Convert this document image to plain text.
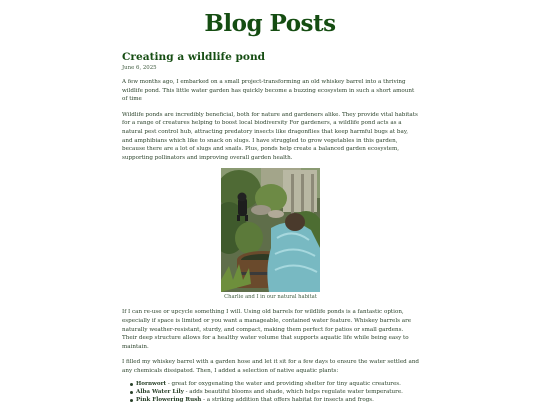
Blog Posts
Creating a wildlife pond
June 6, 2025

A few months ago, I embarked on a small project-transforming an old whiskey barrel into a thriving wildlife pond. This little water garden has quickly become a buzzing ecosystem in such a short amount of time

Wildlife ponds are incredibly beneficial, both for nature and gardeners alike. They provide vital habitats for a range of creatures helping to boost local biodiversity For gardeners, a wildlife pond acts as a natural pest control hub, attracting predatory insects like dragonflies that keep harmful bugs at bay, and amphibians which like to snack on slugs. I have struggled to grow vegetables in this garden, because there are a lot of slugs and snails. Plus, ponds help create a balanced garden ecosystem, supporting pollinators and improving overall garden health.

Charlie and I in our natural habitat

If I can re-use or upcycle something I will. Using old barrels for wildlife ponds is a fantastic option, especially if space is limited or you want a manageable, contained water feature. Whiskey barrels are naturally weather-resistant, sturdy, and compact, making them perfect for patios or small gardens. Their deep structure allows for a healthy water volume that supports aquatic life while being easy to maintain.

I filled my whiskey barrel with a garden hose and let it sit for a few days to ensure the water settled and any chemicals dissipated. Then, I added a selection of native aquatic plants:

Hornwort - great for oxygenating the water and providing shelter for tiny aquatic creatures.
Alba Water Lily - adds beautiful blooms and shade, which helps regulate water temperature.
Pink Flowering Rush - a striking addition that offers habitat for insects and frogs.
